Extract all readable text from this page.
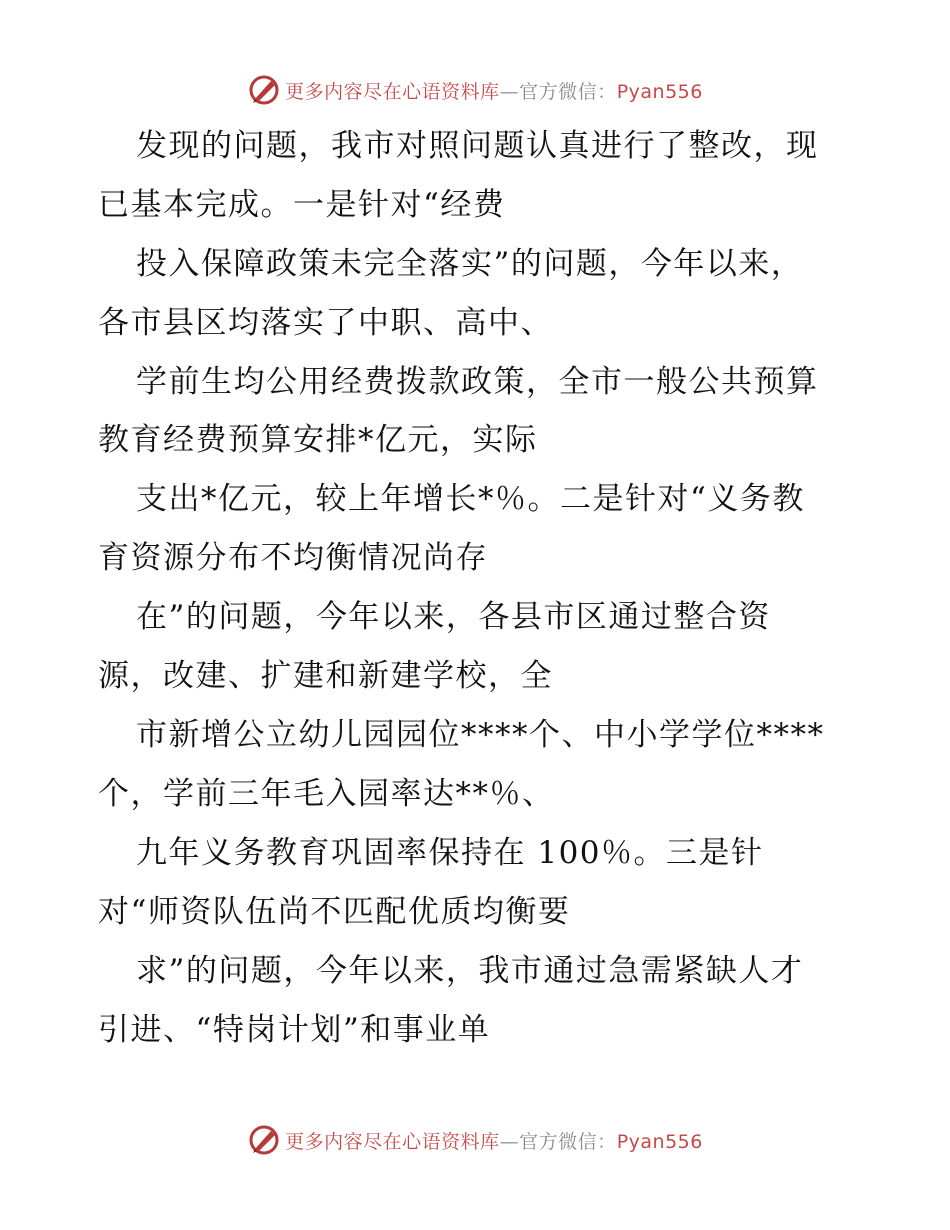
更多内容尽在心语资料库—官方微信：Pyan556
发现的问题，我市对照问题认真进行了整改，现
已基本完成。一是针对“经费
投入保障政策未完全落实”的问题，今年以来，
各市县区均落实了中职、高中、
学前生均公用经费拨款政策，全市一般公共预算
教育经费预算安排*亿元，实际
支出*亿元，较上年增长*％。二是针对“义务教
育资源分布不均衡情况尚存
在”的问题，今年以来，各县市区通过整合资
源，改建、扩建和新建学校，全
市新增公立幼儿园园位****个、中小学学位****
个，学前三年毛入园率达**％、
九年义务教育巩固率保持在 100％。三是针
对“师资队伍尚不匹配优质均衡要
求”的问题，今年以来，我市通过急需紧缺人才
引进、“特岗计划”和事业单
更多内容尽在心语资料库—官方微信：Pyan556
